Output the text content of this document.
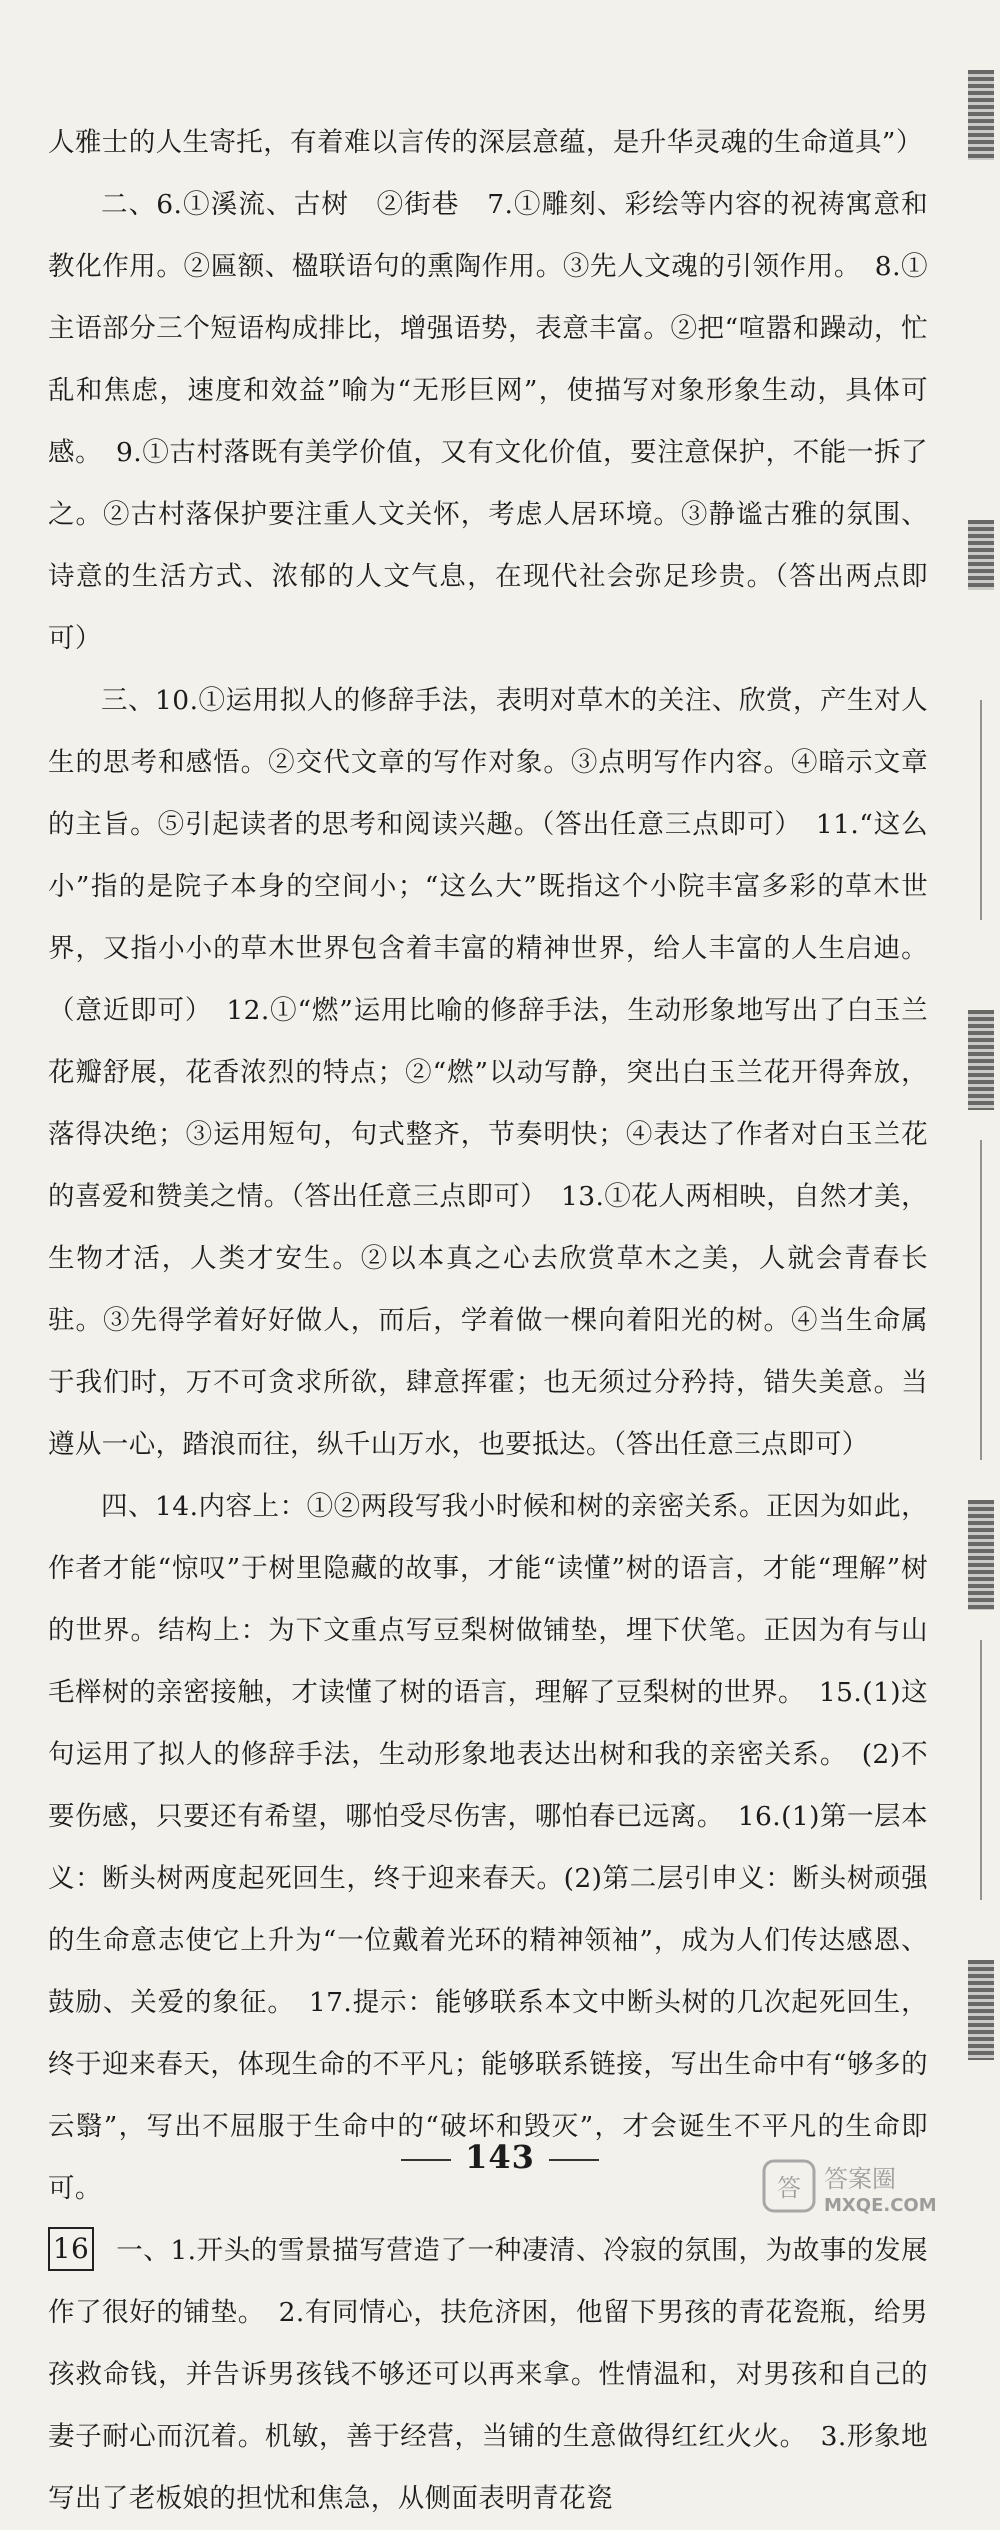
人雅士的人生寄托，有着难以言传的深层意蕴，是升华灵魂的生命道具”）

二、6.①溪流、古树　②街巷　7.①雕刻、彩绘等内容的祝祷寓意和教化作用。②匾额、楹联语句的熏陶作用。③先人文魂的引领作用。　8.①主语部分三个短语构成排比，增强语势，表意丰富。②把“喧嚣和躁动，忙乱和焦虑，速度和效益”喻为“无形巨网”，使描写对象形象生动，具体可感。　9.①古村落既有美学价值，又有文化价值，要注意保护，不能一拆了之。②古村落保护要注重人文关怀，考虑人居环境。③静谧古雅的氛围、诗意的生活方式、浓郁的人文气息，在现代社会弥足珍贵。（答出两点即可）

三、10.①运用拟人的修辞手法，表明对草木的关注、欣赏，产生对人生的思考和感悟。②交代文章的写作对象。③点明写作内容。④暗示文章的主旨。⑤引起读者的思考和阅读兴趣。（答出任意三点即可）　11.“这么小”指的是院子本身的空间小；“这么大”既指这个小院丰富多彩的草木世界，又指小小的草木世界包含着丰富的精神世界，给人丰富的人生启迪。（意近即可）　12.①“燃”运用比喻的修辞手法，生动形象地写出了白玉兰花瓣舒展，花香浓烈的特点；②“燃”以动写静，突出白玉兰花开得奔放，落得决绝；③运用短句，句式整齐，节奏明快；④表达了作者对白玉兰花的喜爱和赞美之情。（答出任意三点即可）　13.①花人两相映，自然才美，生物才活，人类才安生。②以本真之心去欣赏草木之美，人就会青春长驻。③先得学着好好做人，而后，学着做一棵向着阳光的树。④当生命属于我们时，万不可贪求所欲，肆意挥霍；也无须过分矜持，错失美意。当遵从一心，踏浪而往，纵千山万水，也要抵达。（答出任意三点即可）

四、14.内容上：①②两段写我小时候和树的亲密关系。正因为如此，作者才能“惊叹”于树里隐藏的故事，才能“读懂”树的语言，才能“理解”树的世界。结构上：为下文重点写豆梨树做铺垫，埋下伏笔。正因为有与山毛榉树的亲密接触，才读懂了树的语言，理解了豆梨树的世界。　15.(1)这句运用了拟人的修辞手法，生动形象地表达出树和我的亲密关系。　(2)不要伤感，只要还有希望，哪怕受尽伤害，哪怕春已远离。　16.(1)第一层本义：断头树两度起死回生，终于迎来春天。(2)第二层引申义：断头树顽强的生命意志使它上升为“一位戴着光环的精神领袖”，成为人们传达感恩、鼓励、关爱的象征。　17.提示：能够联系本文中断头树的几次起死回生，终于迎来春天，体现生命的不平凡；能够联系链接，写出生命中有“够多的云翳”，写出不屈服于生命中的“破坏和毁灭”，才会诞生不平凡的生命即可。

16 一、1.开头的雪景描写营造了一种凄清、冷寂的氛围，为故事的发展作了很好的铺垫。　2.有同情心，扶危济困，他留下男孩的青花瓷瓶，给男孩救命钱，并告诉男孩钱不够还可以再来拿。性情温和，对男孩和自己的妻子耐心而沉着。机敏，善于经营，当铺的生意做得红红火火。　3.形象地写出了老板娘的担忧和焦急，从侧面表明青花瓷

143
答 答案圈
MXQE.COM
